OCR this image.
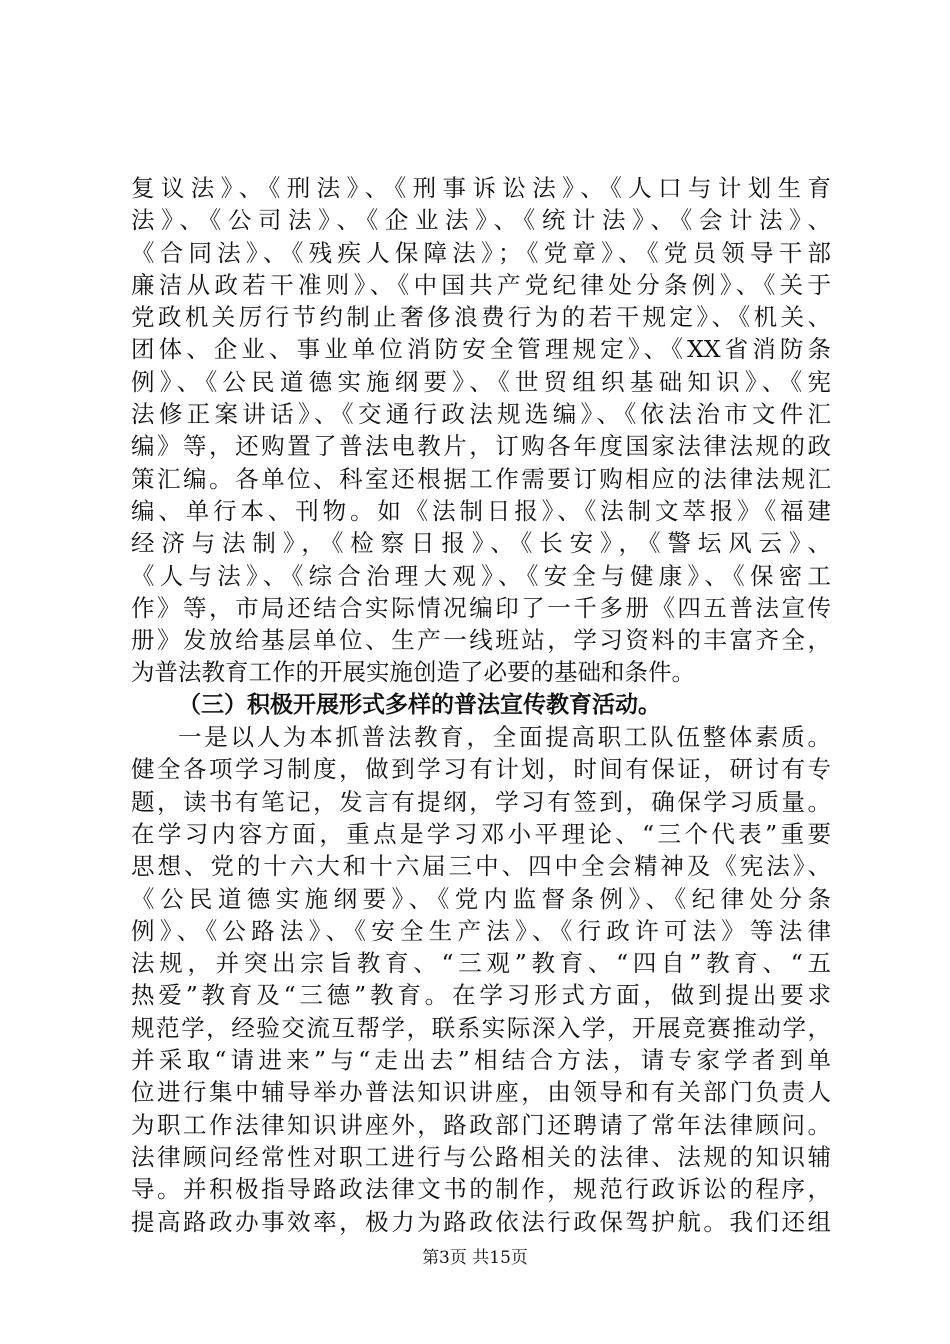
复议法》、《刑法》、《刑事诉讼法》、《人口与计划生育
法》、《公司法》、《企业法》、《统计法》、《会计法》、
《合同法》、《残疾人保障法》；《党章》、《党员领导干部
廉洁从政若干准则》、《中国共产党纪律处分条例》、《关于
党政机关厉行节约制止奢侈浪费行为的若干规定》、《机关、
团体、企业、事业单位消防安全管理规定》、《XX省消防条
例》、《公民道德实施纲要》、《世贸组织基础知识》、《宪
法修正案讲话》、《交通行政法规选编》、《依法治市文件汇
编》等，还购置了普法电教片，订购各年度国家法律法规的政
策汇编。各单位、科室还根据工作需要订购相应的法律法规汇
编、单行本、刊物。如《法制日报》、《法制文萃报》《福建
经济与法制》，《检察日报》、《长安》，《警坛风云》、
《人与法》、《综合治理大观》、《安全与健康》、《保密工
作》等，市局还结合实际情况编印了一千多册《四五普法宣传
册》发放给基层单位、生产一线班站，学习资料的丰富齐全，
为普法教育工作的开展实施创造了必要的基础和条件。
（三）积极开展形式多样的普法宣传教育活动。
一是以人为本抓普法教育，全面提高职工队伍整体素质。
健全各项学习制度，做到学习有计划，时间有保证，研讨有专
题，读书有笔记，发言有提纲，学习有签到，确保学习质量。
在学习内容方面，重点是学习邓小平理论、“三个代表”重要
思想、党的十六大和十六届三中、四中全会精神及《宪法》、
《公民道德实施纲要》、《党内监督条例》、《纪律处分条
例》、《公路法》、《安全生产法》、《行政许可法》等法律
法规，并突出宗旨教育、“三观”教育、“四自”教育、“五
热爱”教育及“三德”教育。在学习形式方面，做到提出要求
规范学，经验交流互帮学，联系实际深入学，开展竞赛推动学，
并采取“请进来”与“走出去”相结合方法，请专家学者到单
位进行集中辅导举办普法知识讲座，由领导和有关部门负责人
为职工作法律知识讲座外，路政部门还聘请了常年法律顾问。
法律顾问经常性对职工进行与公路相关的法律、法规的知识辅
导。并积极指导路政法律文书的制作，规范行政诉讼的程序，
提高路政办事效率，极力为路政依法行政保驾护航。我们还组
第3页 共15页
